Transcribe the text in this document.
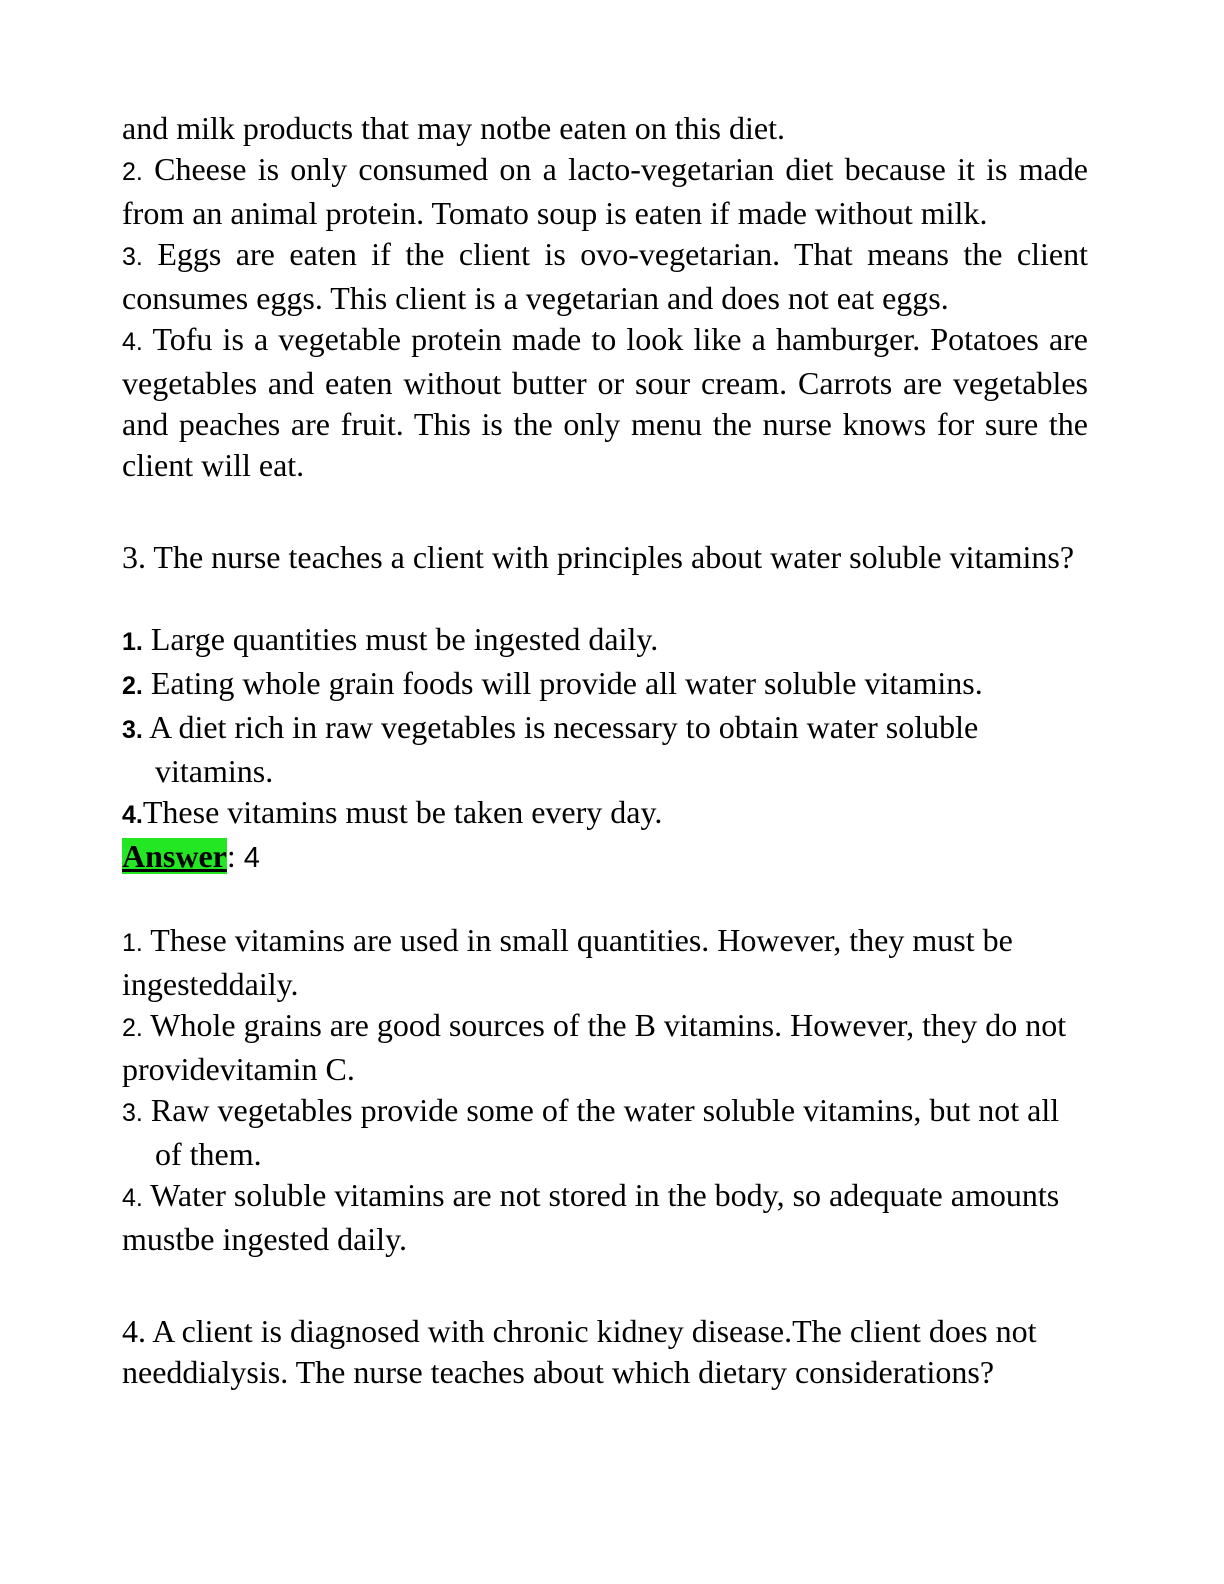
and milk products that may notbe eaten on this diet.

2. Cheese is only consumed on a lacto-vegetarian diet because it is made from an animal protein. Tomato soup is eaten if made without milk.

3. Eggs are eaten if the client is ovo-vegetarian. That means the client consumes eggs. This client is a vegetarian and does not eat eggs.

4. Tofu is a vegetable protein made to look like a hamburger. Potatoes are vegetables and eaten without butter or sour cream. Carrots are vegetables and peaches are fruit. This is the only menu the nurse knows for sure the client will eat.

3. The nurse teaches a client with principles about water soluble vitamins?

1. Large quantities must be ingested daily.

2. Eating whole grain foods will provide all water soluble vitamins.

3. A diet rich in raw vegetables is necessary to obtain water soluble vitamins.

4.These vitamins must be taken every day.

Answer: 4

1. These vitamins are used in small quantities. However, they must be ingesteddaily.

2. Whole grains are good sources of the B vitamins. However, they do not providevitamin C.

3. Raw vegetables provide some of the water soluble vitamins, but not all of them.

4. Water soluble vitamins are not stored in the body, so adequate amounts mustbe ingested daily.

4. A client is diagnosed with chronic kidney disease.The client does not needdialysis. The nurse teaches about which dietary considerations?
